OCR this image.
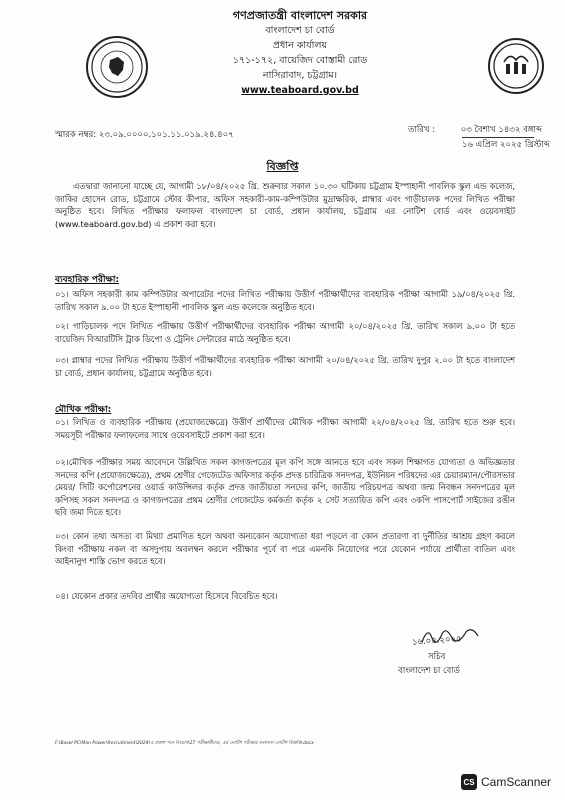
গণপ্রজাতন্ত্রী বাংলাদেশ সরকার
বাংলাদেশ চা বোর্ড
প্রধান কার্যালয়
১৭১-১৭২, বায়েজিদ বোস্তামী রোড
নাসিরাবাদ, চট্টগ্রাম।
www.teaboard.gov.bd
স্মারক নম্বর: ২৩.০৯.০০০০.১০১.১১.০১৯.২৪.৪০৭	তারিখ :	০৩ বৈশাখ ১৪৩২ বঙ্গাব্দ
১৬ এপ্রিল ২০২৫ খ্রিস্টাব্দ
বিজ্ঞপ্তি
এতদ্বারা জানানো যাচ্ছে যে, আগামী ১৮/০৪/২০২৫ খ্রি. শুক্রবার সকাল ১০.৩০ ঘটিকায় চট্টগ্রাম ইস্পাহানী পাবলিক স্কুল এন্ড কলেজ, জাকির হোসেন রোড, চট্টগ্রামে স্টোর কীপার, অফিস সহকারী-কাম-কম্পিউটার মুদ্রাক্ষরিক, প্লাম্বার এবং গাড়ীচালক পদের লিখিত পরীক্ষা অনুষ্ঠিত হবে। লিখিত পরীক্ষার ফলাফল বাংলাদেশ চা বোর্ড, প্রধান কার্যালয়, চট্টগ্রাম এর নোটিশ বোর্ড এবং ওয়েবসাইট (www.teaboard.gov.bd) এ প্রকাশ করা হবে।
ব্যবহারিক পরীক্ষা:
০১। অফিস সহকারী কাম কম্পিউটার অপারেটর পদের লিখিত পরীক্ষায় উত্তীর্ণ পরীক্ষার্থীদের ব্যবহারিক পরীক্ষা আগামী ১৯/০৪/২০২৫ খ্রি. তারিখ সকাল ৯.০০ টা হতে ইস্পাহানী পাবলিক স্কুল এন্ড কলেজে অনুষ্ঠিত হবে।
০২। গাড়িচালক পদে লিখিত পরীক্ষায় উত্তীর্ণ পরীক্ষার্থীদের ব্যবহারিক পরীক্ষা আগামী ২০/০৪/২০২৫ খ্রি. তারিখ সকাল ৯.০০ টা হতে বায়েজিদ বিআরটিসি ট্রাক ডিপো ও ট্রেনিং সেন্টারের মাঠে অনুষ্ঠিত হবে।
০৩। প্লাম্বার পদের লিখিত পরীক্ষায় উত্তীর্ণ পরীক্ষার্থীদের ব্যবহারিক পরীক্ষা আগামী ২০/০৪/২০২৫ খ্রি. তারিখ দুপুর ২.০০ টা হতে বাংলাদেশ চা বোর্ড, প্রধান কার্যালয়, চট্টগ্রামে অনুষ্ঠিত হবে।
মৌখিক পরীক্ষা:
০১। লিখিত ও ব্যবহারিক পরীক্ষায় (প্রযোজ্যক্ষেত্রে) উত্তীর্ণ প্রার্থীদের মৌখিক পরীক্ষা আগামী ২২/০৪/২০২৫ খ্রি. তারিখ হতে শুরু হবে। সময়সূচী পরীক্ষার ফলাফলের সাথে ওয়েবসাইটে প্রকাশ করা হবে।
০২।মৌখিক পরীক্ষার সময় আবেদনে উল্লিখিত সকল কাগজপত্রের মূল কপি সঙ্গে আনতে হবে এবং সকল শিক্ষাগত যোগ্যতা ও অভিজ্ঞতার সনদের কপি (প্রযোজ্যক্ষেত্রে), প্রথম শ্রেণীর গেজেটেড অফিসার কর্তৃক প্রদত্ত চারিত্রিক সনদপত্র, ইউনিয়ন পরিষদের এর চেয়ারম্যান/পৌরসভার মেয়র/ সিটি কর্পোরেশনের ওয়ার্ড কাউন্সিলর কর্তৃক প্রদত্ত জাতীয়তা সনদের কপি, জাতীয় পরিচয়পত্র অথবা জন্ম নিবন্ধন সনদপত্রের মূল কপিসহ সকল সনদপত্র ও কাগজপত্রের প্রথম শ্রেণীর গেজেটেড কর্মকর্তা কর্তৃক ২ সেট সত্যায়িত কপি এবং ৩কপি পাসপোর্ট সাইজের রঙীন ছবি জমা দিতে হবে।
০৩। কোন তথ্য অসত্য বা মিথ্যা প্রমাণিত হলে অথবা অন্যকোন অযোগ্যতা ধরা পড়লে বা কোন প্রতারণা বা দুর্নীতির আশ্রয় গ্রহণ করলে কিংবা পরীক্ষায় নকল বা অসদুপায় অবলম্বন করলে পরীক্ষার পূর্বে বা পরে এমনকি নিয়োগের পরে যেকোন পর্যায়ে প্রার্থীতা বাতিল এবং আইনানুগ শাস্তি ভোগ করতে হবে।
০৪। যেকোন প্রকার তদবির প্রার্থীর অযোগ্যতা হিসেবে বিবেচিত হবে।
১৬.০৪.২০২৫
সচিব
বাংলাদেশ চা বোর্ড
F:\Basel PC\Man Power\Recruitment\2024\এ প্রকাশ পদে নিয়োগ\27 পরীক্ষার্থীদের, এর নোটিশ পরীক্ষার ফলাফল নোটিশ বিজ্ঞপ্তি.docx
CS CamScanner
